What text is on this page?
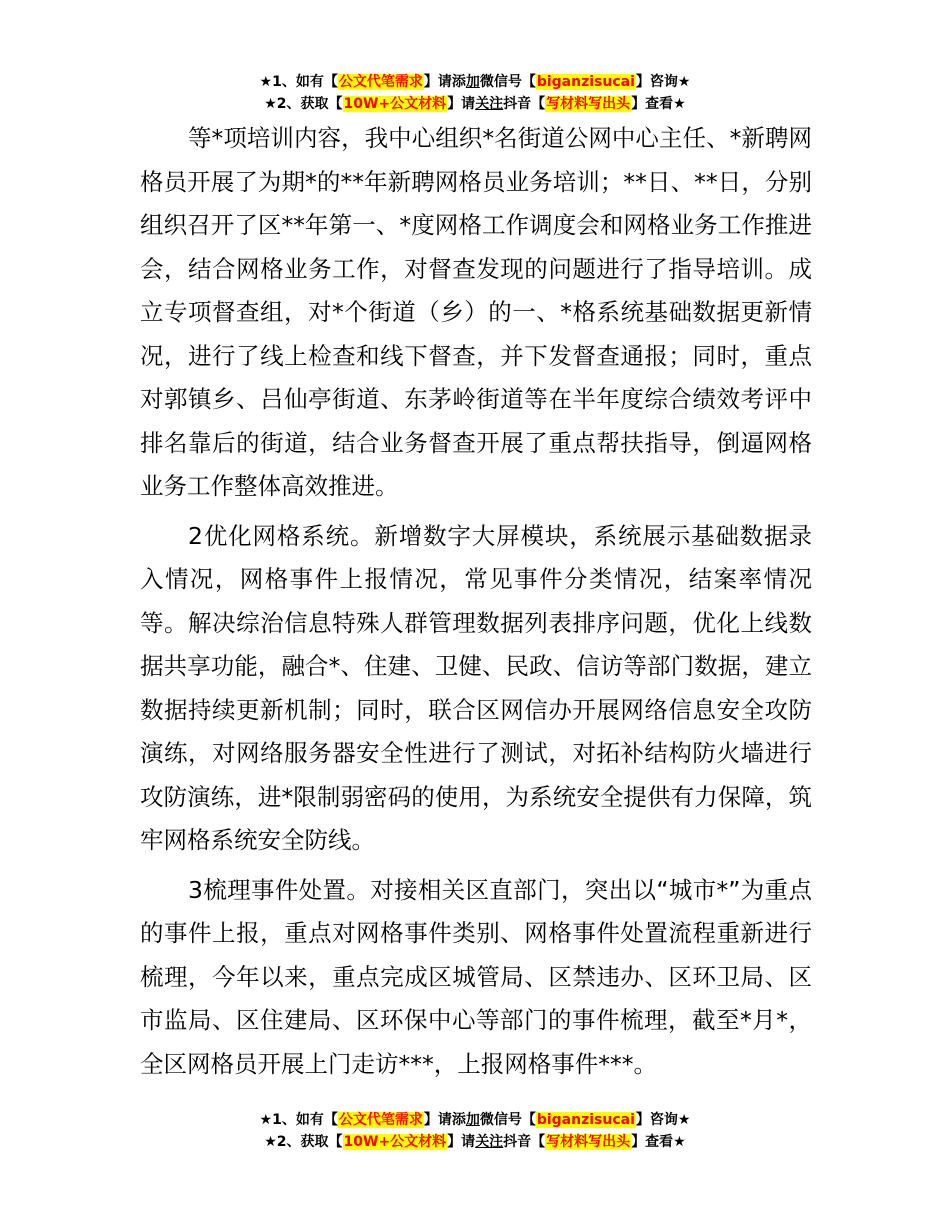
★1、如有【公文代笔需求】请添加微信号【biganzisucai】咨询★
★2、获取【10W+公文材料】请关注抖音【写材料写出头】查看★

等*项培训内容，我中心组织*名街道公网中心主任、*新聘网格员开展了为期*的**年新聘网格员业务培训；**日、**日，分别组织召开了区**年第一、*度网格工作调度会和网格业务工作推进会，结合网格业务工作，对督查发现的问题进行了指导培训。成立专项督查组，对*个街道（乡）的一、*格系统基础数据更新情况，进行了线上检查和线下督查，并下发督查通报；同时，重点对郭镇乡、吕仙亭街道、东茅岭街道等在半年度综合绩效考评中排名靠后的街道，结合业务督查开展了重点帮扶指导，倒逼网格业务工作整体高效推进。

2优化网格系统。新增数字大屏模块，系统展示基础数据录入情况，网格事件上报情况，常见事件分类情况，结案率情况等。解决综治信息特殊人群管理数据列表排序问题，优化上线数据共享功能，融合*、住建、卫健、民政、信访等部门数据，建立数据持续更新机制；同时，联合区网信办开展网络信息安全攻防演练，对网络服务器安全性进行了测试，对拓补结构防火墙进行攻防演练，进*限制弱密码的使用，为系统安全提供有力保障，筑牢网格系统安全防线。

3梳理事件处置。对接相关区直部门，突出以“城市*”为重点的事件上报，重点对网格事件类别、网格事件处置流程重新进行梳理，今年以来，重点完成区城管局、区禁违办、区环卫局、区市监局、区住建局、区环保中心等部门的事件梳理，截至*月*，全区网格员开展上门走访***，上报网格事件***。

★1、如有【公文代笔需求】请添加微信号【biganzisucai】咨询★
★2、获取【10W+公文材料】请关注抖音【写材料写出头】查看★
